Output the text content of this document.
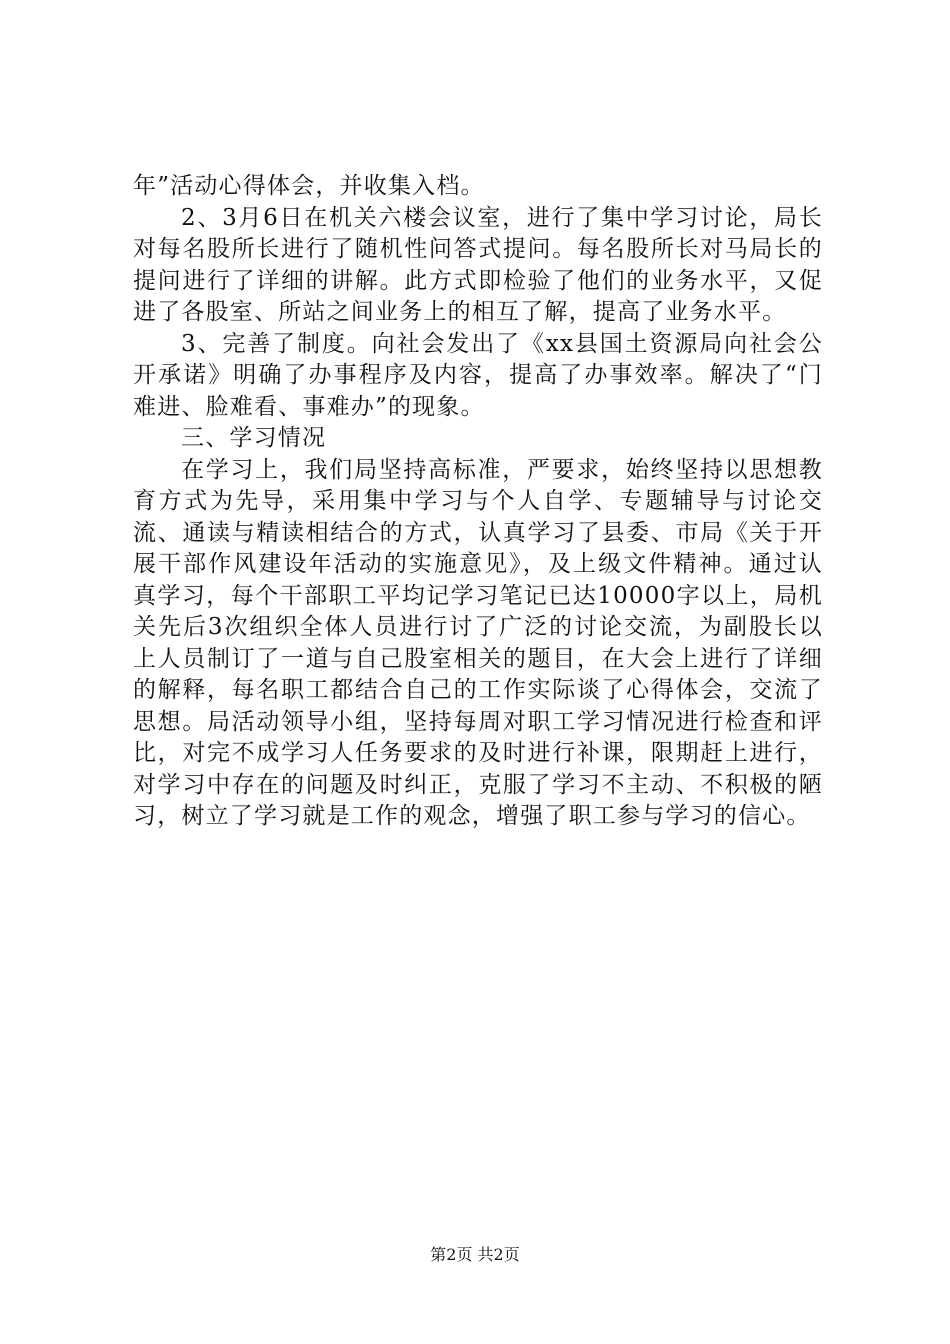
年”活动心得体会，并收集入档。

2、3月6日在机关六楼会议室，进行了集中学习讨论，局长对每名股所长进行了随机性问答式提问。每名股所长对马局长的提问进行了详细的讲解。此方式即检验了他们的业务水平，又促进了各股室、所站之间业务上的相互了解，提高了业务水平。

3、完善了制度。向社会发出了《xx县国土资源局向社会公开承诺》明确了办事程序及内容，提高了办事效率。解决了“门难进、脸难看、事难办”的现象。

三、学习情况

在学习上，我们局坚持高标准，严要求，始终坚持以思想教育方式为先导，采用集中学习与个人自学、专题辅导与讨论交流、通读与精读相结合的方式，认真学习了县委、市局《关于开展干部作风建设年活动的实施意见》，及上级文件精神。通过认真学习，每个干部职工平均记学习笔记已达10000字以上，局机关先后3次组织全体人员进行讨了广泛的讨论交流，为副股长以上人员制订了一道与自己股室相关的题目，在大会上进行了详细的解释，每名职工都结合自己的工作实际谈了心得体会，交流了思想。局活动领导小组，坚持每周对职工学习情况进行检查和评比，对完不成学习人任务要求的及时进行补课，限期赶上进行，对学习中存在的问题及时纠正，克服了学习不主动、不积极的陋习，树立了学习就是工作的观念，增强了职工参与学习的信心。

第2页 共2页
